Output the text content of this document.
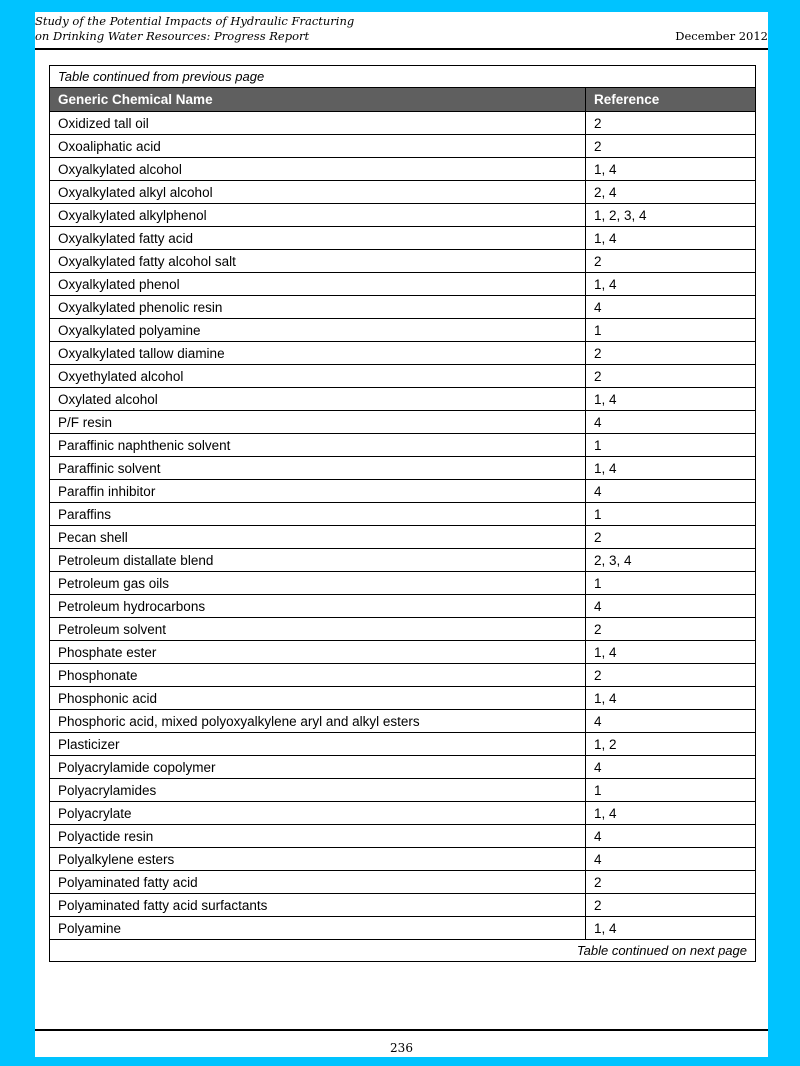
Study of the Potential Impacts of Hydraulic Fracturing
on Drinking Water Resources: Progress Report	December 2012
Table continued from previous page	
Generic Chemical Name	Reference
Oxidized tall oil	2
Oxoaliphatic acid	2
Oxyalkylated alcohol	1, 4
Oxyalkylated alkyl alcohol	2, 4
Oxyalkylated alkylphenol	1, 2, 3, 4
Oxyalkylated fatty acid	1, 4
Oxyalkylated fatty alcohol salt	2
Oxyalkylated phenol	1, 4
Oxyalkylated phenolic resin	4
Oxyalkylated polyamine	1
Oxyalkylated tallow diamine	2
Oxyethylated alcohol	2
Oxylated alcohol	1, 4
P/F resin	4
Paraffinic naphthenic solvent	1
Paraffinic solvent	1, 4
Paraffin inhibitor	4
Paraffins	1
Pecan shell	2
Petroleum distallate blend	2, 3, 4
Petroleum gas oils	1
Petroleum hydrocarbons	4
Petroleum solvent	2
Phosphate ester	1, 4
Phosphonate	2
Phosphonic acid	1, 4
Phosphoric acid, mixed polyoxyalkylene aryl and alkyl esters	4
Plasticizer	1, 2
Polyacrylamide copolymer	4
Polyacrylamides	1
Polyacrylate	1, 4
Polyactide resin	4
Polyalkylene esters	4
Polyaminated fatty acid	2
Polyaminated fatty acid surfactants	2
Polyamine	1, 4
Table continued on next page	
236
